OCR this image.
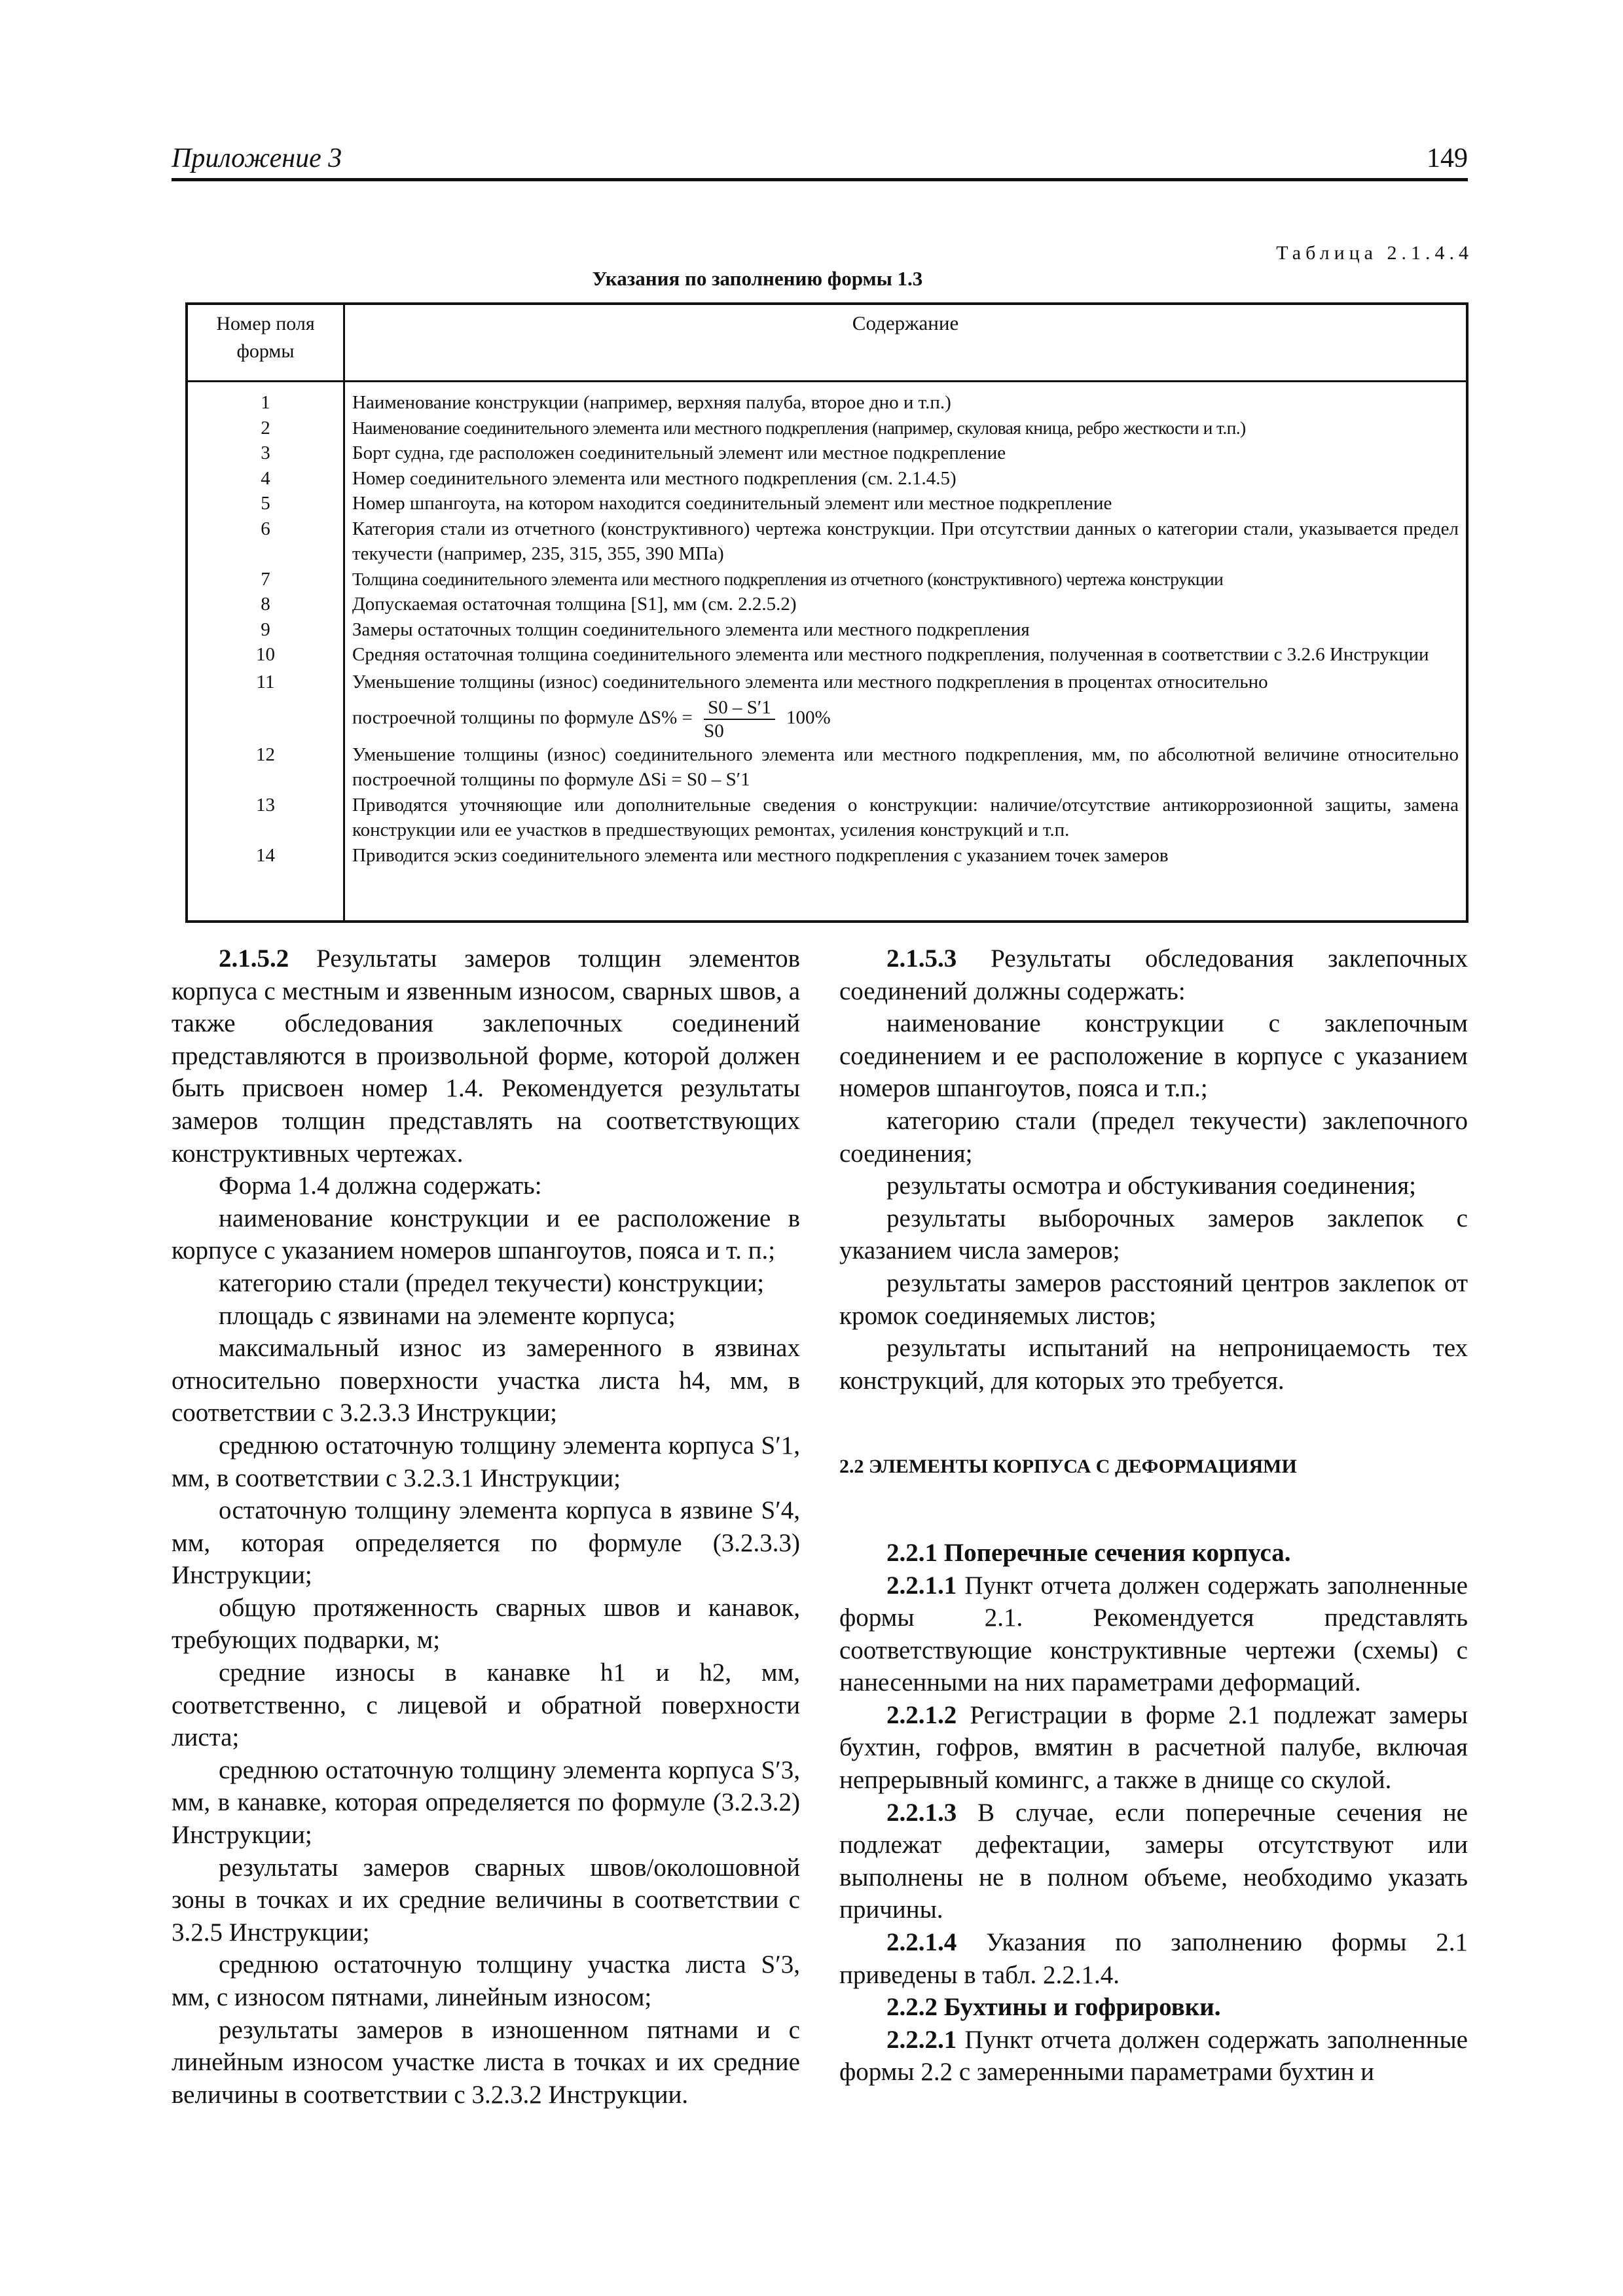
Приложение 3	149
Таблица 2.1.4.4
Указания по заполнению формы 1.3
Номер поля формы
Содержание
1	Наименование конструкции (например, верхняя палуба, второе дно и т.п.)
2	Наименование соединительного элемента или местного подкрепления (например, скуловая кница, ребро жесткости и т.п.)
3	Борт судна, где расположен соединительный элемент или местное подкрепление
4	Номер соединительного элемента или местного подкрепления (см. 2.1.4.5)
5	Номер шпангоута, на котором находится соединительный элемент или местное подкрепление
6	Категория стали из отчетного (конструктивного) чертежа конструкции. При отсутствии данных о категории стали, указывается предел текучести (например, 235, 315, 355, 390 МПа)
7	Толщина соединительного элемента или местного подкрепления из отчетного (конструктивного) чертежа конструкции
8	Допускаемая остаточная толщина [S1], мм (см. 2.2.5.2)
9	Замеры остаточных толщин соединительного элемента или местного подкрепления
10	Средняя остаточная толщина соединительного элемента или местного подкрепления, полученная в соответствии с 3.2.6 Инструкции
11	Уменьшение толщины (износ) соединительного элемента или местного подкрепления в процентах относительно
построечной толщины по формуле $\Delta S\% = \frac{S0 - S'1}{S0} 100\%$
12	Уменьшение толщины (износ) соединительного элемента или местного подкрепления, мм, по абсолютной величине относительно построечной толщины по формуле ΔSi = S0 – S′1
13	Приводятся уточняющие или дополнительные сведения о конструкции: наличие/отсутствие антикоррозионной защиты, замена конструкции или ее участков в предшествующих ремонтах, усиления конструкций и т.п.
14	Приводится эскиз соединительного элемента или местного подкрепления с указанием точек замеров

2.1.5.2 Результаты замеров толщин элементов корпуса с местным и язвенным износом, сварных швов, а также обследования заклепочных соединений представляются в произвольной форме, которой должен быть присвоен номер 1.4. Рекомендуется результаты замеров толщин представлять на соответствующих конструктивных чертежах.

Форма 1.4 должна содержать:

наименование конструкции и ее расположение в корпусе с указанием номеров шпангоутов, пояса и т. п.;

категорию стали (предел текучести) конструкции;

площадь с язвинами на элементе корпуса;

максимальный износ из замеренного в язвинах относительно поверхности участка листа h4, мм, в соответствии с 3.2.3.3 Инструкции;

среднюю остаточную толщину элемента корпуса S′1, мм, в соответствии с 3.2.3.1 Инструкции;

остаточную толщину элемента корпуса в язвине S′4, мм, которая определяется по формуле (3.2.3.3) Инструкции;

общую протяженность сварных швов и канавок, требующих подварки, м;

средние износы в канавке h1 и h2, мм, соответственно, с лицевой и обратной поверхности листа;

среднюю остаточную толщину элемента корпуса S′3, мм, в канавке, которая определяется по формуле (3.2.3.2) Инструкции;

результаты замеров сварных швов/околошовной зоны в точках и их средние величины в соответствии с 3.2.5 Инструкции;

среднюю остаточную толщину участка листа S′3, мм, с износом пятнами, линейным износом;

результаты замеров в изношенном пятнами и с линейным износом участке листа в точках и их средние величины в соответствии с 3.2.3.2 Инструкции.

2.1.5.3 Результаты обследования заклепочных соединений должны содержать:

наименование конструкции с заклепочным соединением и ее расположение в корпусе с указанием номеров шпангоутов, пояса и т.п.;

категорию стали (предел текучести) заклепочного соединения;

результаты осмотра и обстукивания соединения;

результаты выборочных замеров заклепок с указанием числа замеров;

результаты замеров расстояний центров заклепок от кромок соединяемых листов;

результаты испытаний на непроницаемость тех конструкций, для которых это требуется.

2.2 ЭЛЕМЕНТЫ КОРПУСА С ДЕФОРМАЦИЯМИ

2.2.1 Поперечные сечения корпуса.

2.2.1.1 Пункт отчета должен содержать заполненные формы 2.1. Рекомендуется представлять соответствующие конструктивные чертежи (схемы) с нанесенными на них параметрами деформаций.

2.2.1.2 Регистрации в форме 2.1 подлежат замеры бухтин, гофров, вмятин в расчетной палубе, включая непрерывный комингс, а также в днище со скулой.

2.2.1.3 В случае, если поперечные сечения не подлежат дефектации, замеры отсутствуют или выполнены не в полном объеме, необходимо указать причины.

2.2.1.4 Указания по заполнению формы 2.1 приведены в табл. 2.2.1.4.

2.2.2 Бухтины и гофрировки.

2.2.2.1 Пункт отчета должен содержать заполненные формы 2.2 с замеренными параметрами бухтин и
